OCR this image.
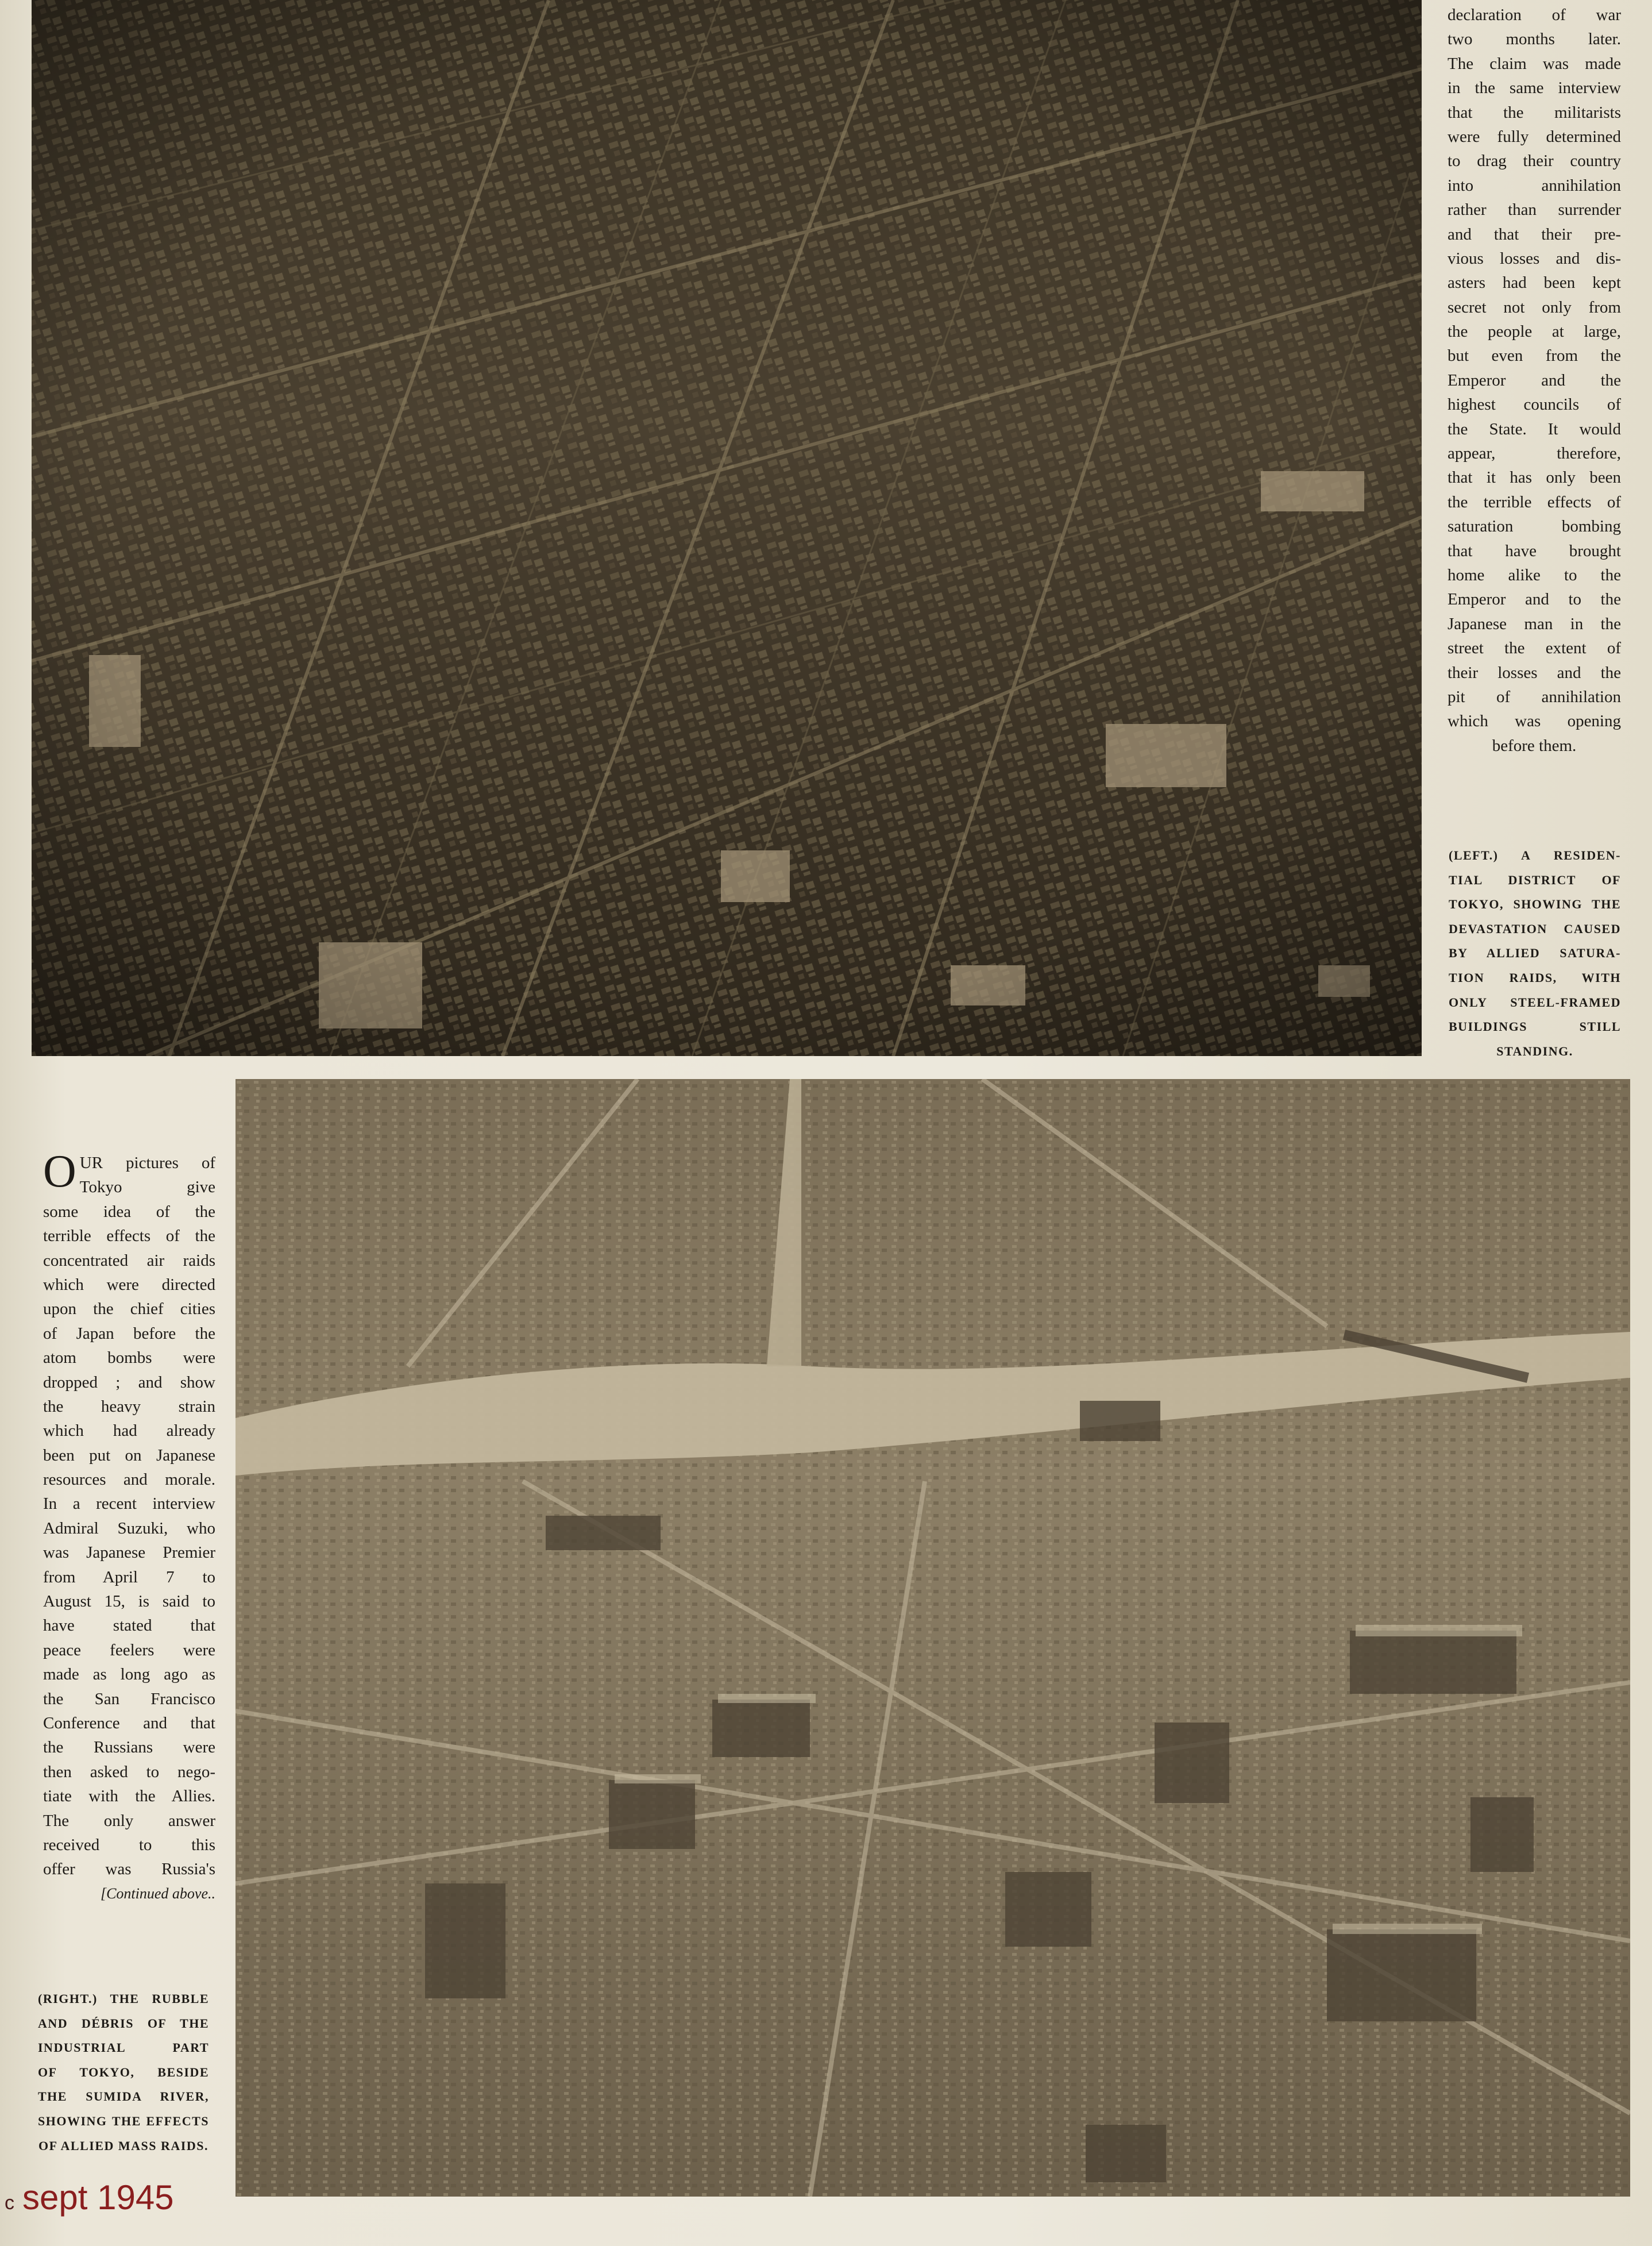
declaration of war
two months later.
The claim was made
in the same interview
that the militarists
were fully determined
to drag their country
into annihilation
rather than surrender
and that their pre-
vious losses and dis-
asters had been kept
secret not only from
the people at large,
but even from the
Emperor and the
highest councils of
the State. It would
appear, therefore,
that it has only been
the terrible effects of
saturation bombing
that have brought
home alike to the
Emperor and to the
Japanese man in the
street the extent of
their losses and the
pit of annihilation
which was opening
before them.
(LEFT.) A RESIDEN-
TIAL DISTRICT OF
TOKYO, SHOWING THE
DEVASTATION CAUSED
BY ALLIED SATURA-
TION RAIDS, WITH
ONLY STEEL-FRAMED
BUILDINGS STILL
STANDING.
O UR pictures of
Tokyo give
some idea of the
terrible effects of the
concentrated air raids
which were directed
upon the chief cities
of Japan before the
atom bombs were
dropped ; and show
the heavy strain
which had already
been put on Japanese
resources and morale.
In a recent interview
Admiral Suzuki, who
was Japanese Premier
from April 7 to
August 15, is said to
have stated that
peace feelers were
made as long ago as
the San Francisco
Conference and that
the Russians were
then asked to nego-
tiate with the Allies.
The only answer
received to this
offer was Russia's
[Continued above..
(RIGHT.) THE RUBBLE
AND DÉBRIS OF THE
INDUSTRIAL PART
OF TOKYO, BESIDE
THE SUMIDA RIVER,
SHOWING THE EFFECTS
OF ALLIED MASS RAIDS.
c sept 1945
